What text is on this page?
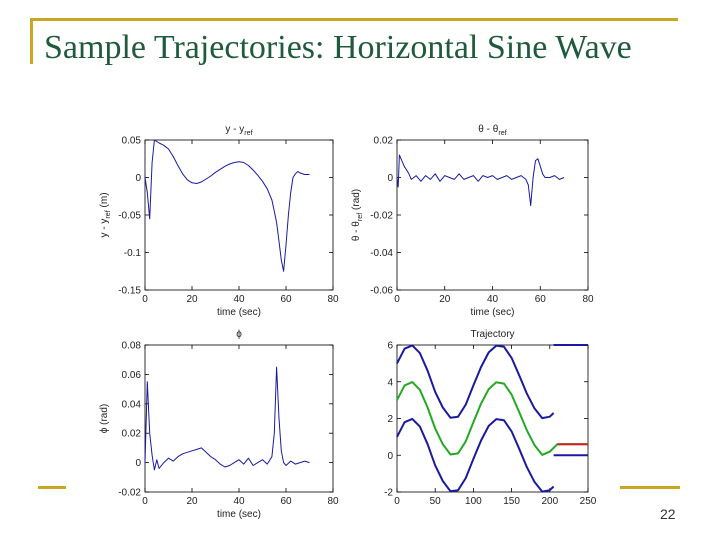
Sample Trajectories: Horizontal Sine Wave
22
0	20	40	60	80
0.05
0
-0.05
-0.1
-0.15
y - $y_{ref}$
time (sec)
y - $y_{ref}$ (m)
0	20	40	60	80
0.02
0
-0.02
-0.04
-0.06
θ - $\theta_{ref}$
time (sec)
θ - $\theta_{ref}$ (rad)
0	20	40	60	80
0.08
0.06
0.04
0.02
0
-0.02
ϕ
time (sec)
ϕ (rad)
0	50 100 150 200 250
6
4
2
0
-2
Trajectory
